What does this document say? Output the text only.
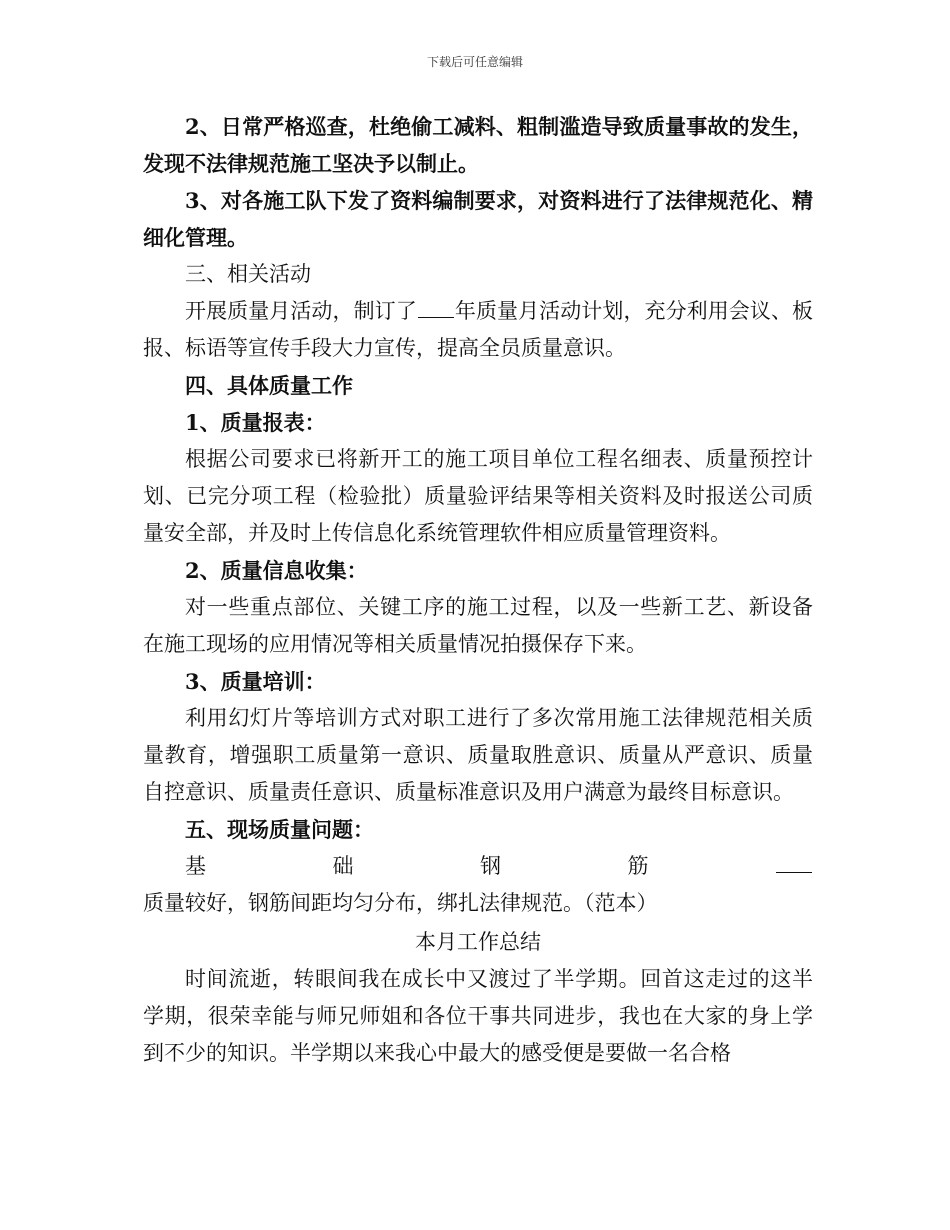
下载后可任意编辑

2、日常严格巡查，杜绝偷工减料、粗制滥造导致质量事故的发生，发现不法律规范施工坚决予以制止。

3、对各施工队下发了资料编制要求，对资料进行了法律规范化、精细化管理。

三、相关活动

开展质量月活动，制订了 年质量月活动计划，充分利用会议、板报、标语等宣传手段大力宣传，提高全员质量意识。

四、具体质量工作

1、质量报表：

根据公司要求已将新开工的施工项目单位工程名细表、质量预控计划、已完分项工程（检验批）质量验评结果等相关资料及时报送公司质量安全部，并及时上传信息化系统管理软件相应质量管理资料。

2、质量信息收集：

对一些重点部位、关键工序的施工过程，以及一些新工艺、新设备在施工现场的应用情况等相关质量情况拍摄保存下来。

3、质量培训：

利用幻灯片等培训方式对职工进行了多次常用施工法律规范相关质量教育，增强职工质量第一意识、质量取胜意识、质量从严意识、质量自控意识、质量责任意识、质量标准意识及用户满意为最终目标意识。

五、现场质量问题：

基础钢筋质量较好，钢筋间距均匀分布，绑扎法律规范。（范本）

本月工作总结

时间流逝，转眼间我在成长中又渡过了半学期。回首这走过的这半学期，很荣幸能与师兄师姐和各位干事共同进步，我也在大家的身上学到不少的知识。半学期以来我心中最大的感受便是要做一名合格
